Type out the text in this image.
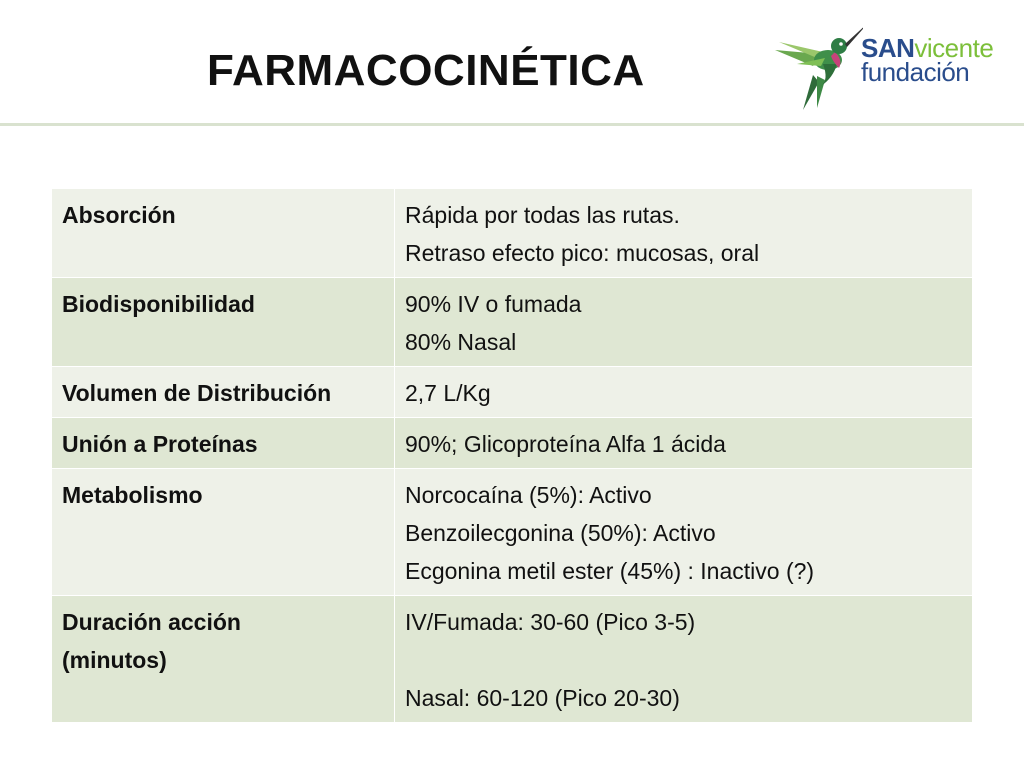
FARMACOCINÉTICA	SANvicente
fundación
Absorción	Rápida por todas las rutas.
Retraso efecto pico: mucosas, oral

Biodisponibilidad	90% IV o fumada
80% Nasal

Volumen de Distribución	2,7 L/Kg

Unión a Proteínas	90%; Glicoproteína Alfa 1 ácida

Metabolismo	Norcocaína (5%): Activo
Benzoilecgonina (50%): Activo
Ecgonina metil ester (45%) : Inactivo (?)

Duración acción
(minutos)	IV/Fumada: 30-60 (Pico 3-5)
Nasal: 60-120 (Pico 20-30)
